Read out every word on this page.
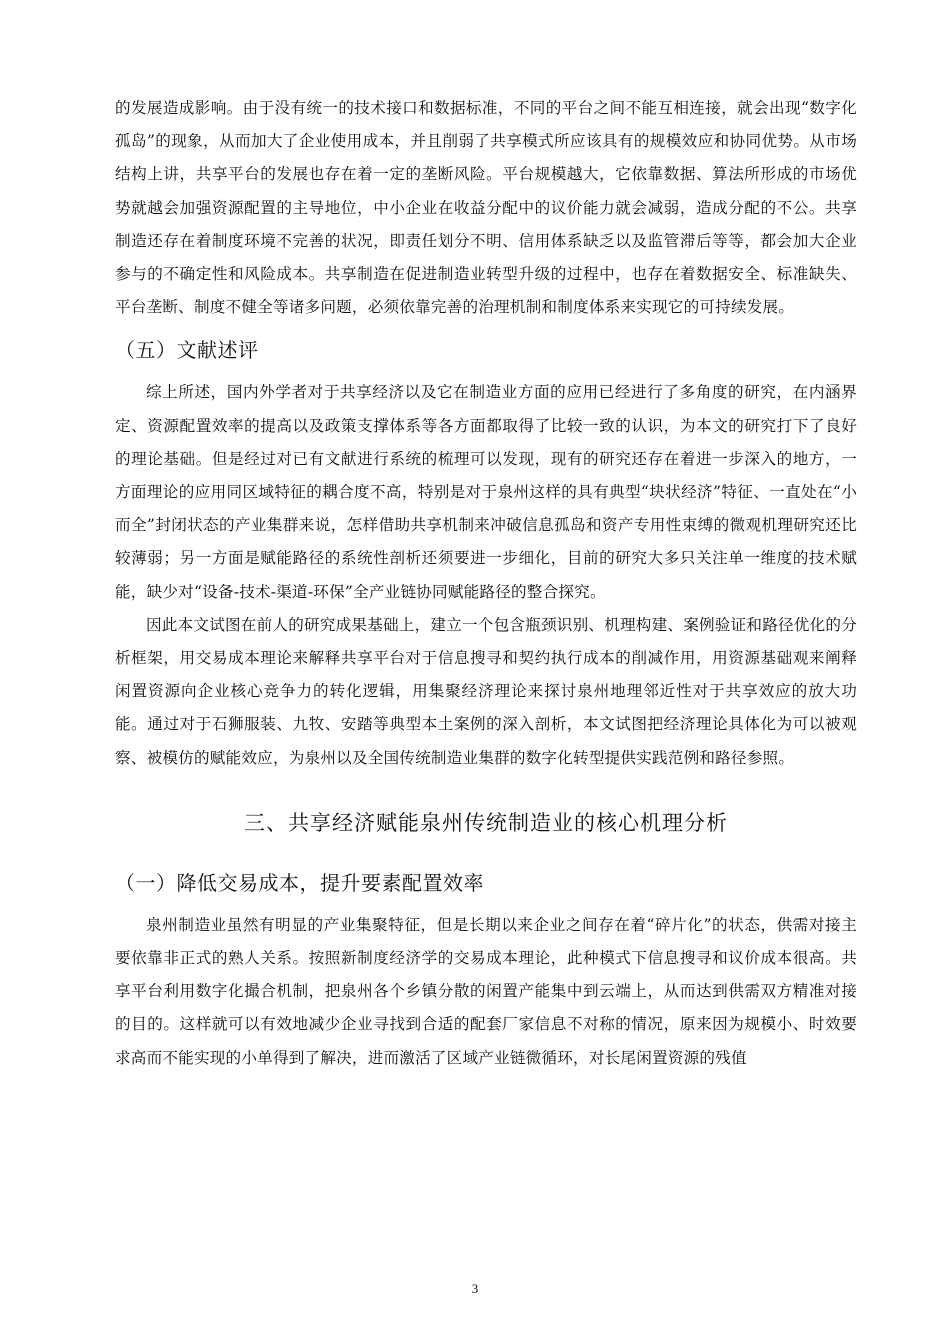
的发展造成影响。由于没有统一的技术接口和数据标准，不同的平台之间不能互相连接，就会出现“数字化孤岛”的现象，从而加大了企业使用成本，并且削弱了共享模式所应该具有的规模效应和协同优势。从市场结构上讲，共享平台的发展也存在着一定的垄断风险。平台规模越大，它依靠数据、算法所形成的市场优势就越会加强资源配置的主导地位，中小企业在收益分配中的议价能力就会减弱，造成分配的不公。共享制造还存在着制度环境不完善的状况，即责任划分不明、信用体系缺乏以及监管滞后等等，都会加大企业参与的不确定性和风险成本。共享制造在促进制造业转型升级的过程中，也存在着数据安全、标准缺失、平台垄断、制度不健全等诸多问题，必须依靠完善的治理机制和制度体系来实现它的可持续发展。

（五）文献述评

综上所述，国内外学者对于共享经济以及它在制造业方面的应用已经进行了多角度的研究，在内涵界定、资源配置效率的提高以及政策支撑体系等各方面都取得了比较一致的认识，为本文的研究打下了良好的理论基础。但是经过对已有文献进行系统的梳理可以发现，现有的研究还存在着进一步深入的地方，一方面理论的应用同区域特征的耦合度不高，特别是对于泉州这样的具有典型“块状经济”特征、一直处在“小而全”封闭状态的产业集群来说，怎样借助共享机制来冲破信息孤岛和资产专用性束缚的微观机理研究还比较薄弱；另一方面是赋能路径的系统性剖析还须要进一步细化，目前的研究大多只关注单一维度的技术赋能，缺少对“设备-技术-渠道-环保”全产业链协同赋能路径的整合探究。

因此本文试图在前人的研究成果基础上，建立一个包含瓶颈识别、机理构建、案例验证和路径优化的分析框架，用交易成本理论来解释共享平台对于信息搜寻和契约执行成本的削减作用，用资源基础观来阐释闲置资源向企业核心竞争力的转化逻辑，用集聚经济理论来探讨泉州地理邻近性对于共享效应的放大功能。通过对于石狮服装、九牧、安踏等典型本土案例的深入剖析，本文试图把经济理论具体化为可以被观察、被模仿的赋能效应，为泉州以及全国传统制造业集群的数字化转型提供实践范例和路径参照。

三、共享经济赋能泉州传统制造业的核心机理分析
（一）降低交易成本，提升要素配置效率

泉州制造业虽然有明显的产业集聚特征，但是长期以来企业之间存在着“碎片化”的状态，供需对接主要依靠非正式的熟人关系。按照新制度经济学的交易成本理论，此种模式下信息搜寻和议价成本很高。共享平台利用数字化撮合机制，把泉州各个乡镇分散的闲置产能集中到云端上，从而达到供需双方精准对接的目的。这样就可以有效地减少企业寻找到合适的配套厂家信息不对称的情况，原来因为规模小、时效要求高而不能实现的小单得到了解决，进而激活了区域产业链微循环，对长尾闲置资源的残值

3
